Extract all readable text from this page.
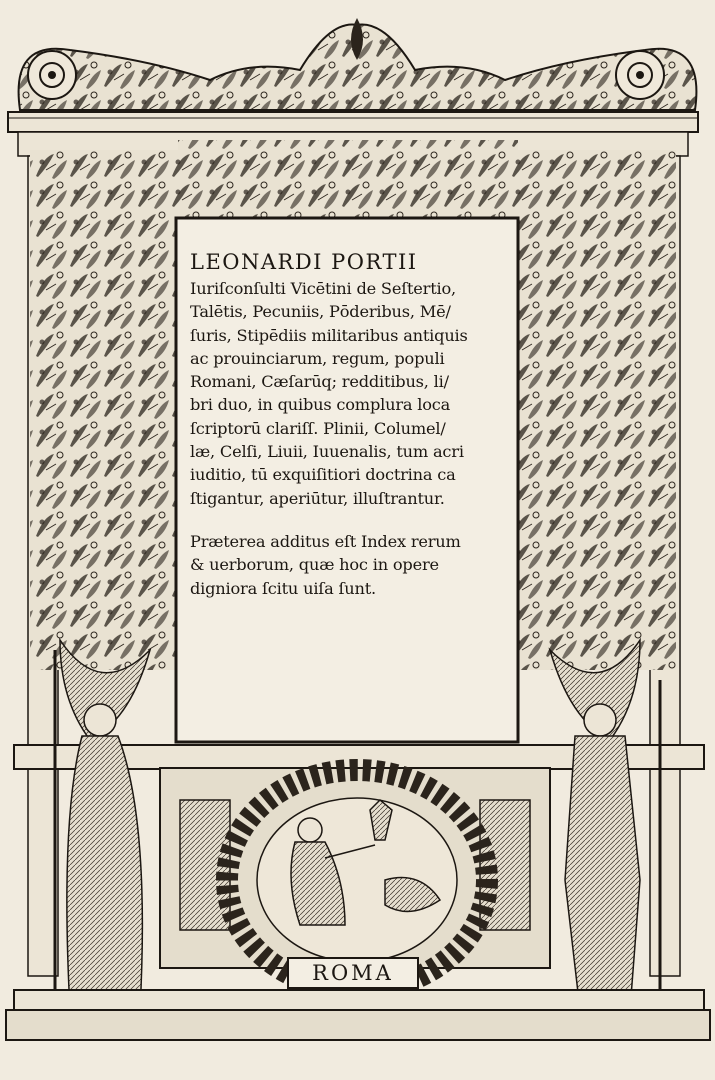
LEONARDI PORTII
Iuriſconſulti Vicētini de Seſtertio,
Talētis, Pecuniis, Pōderibus, Mē/
ſuris, Stipēdiis militaribus antiquis
ac prouinciarum, regum, populi
Romani, Cæſarūq; redditibus, li/
bri duo, in quibus complura loca
ſcriptorū clariſſ. Plinii, Columel/
læ, Celſi, Liuii, Iuuenalis, tum acri
iuditio, tū exquiſitiori doctrina ca
ſtigantur, aperiūtur, illuſtrantur.
Præterea additus eſt Index rerum
& uerborum, quæ hoc in opere
digniora ſcitu uiſa ſunt.
ROMA
